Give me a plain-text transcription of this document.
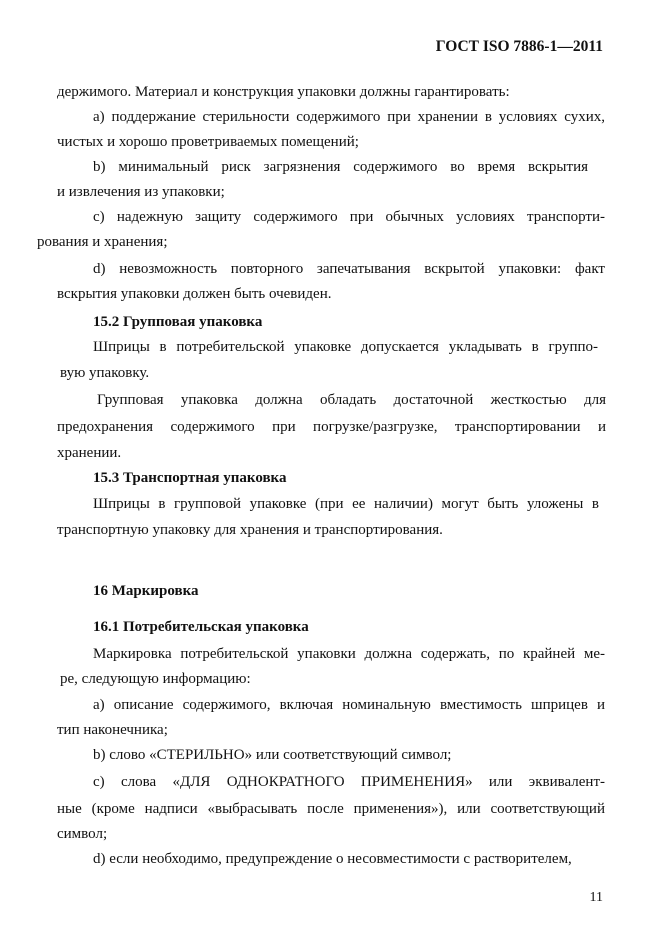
ГОСТ ISO 7886-1—2011
держимого. Материал и конструкция упаковки должны гарантировать:
а) поддержание стерильности содержимого при хранении в условиях сухих,
чистых и хорошо проветриваемых помещений;
b) минимальный риск загрязнения содержимого во время вскрытия
и извлечения из упаковки;
с) надежную защиту содержимого при обычных условиях транспорти-
рования и хранения;
d) невозможность повторного запечатывания вскрытой упаковки: факт
вскрытия упаковки должен быть очевиден.
15.2 Групповая упаковка
Шприцы в потребительской упаковке допускается укладывать в группо-
вую упаковку.
Групповая упаковка должна обладать достаточной жесткостью для
предохранения содержимого при погрузке/разгрузке, транспортировании и
хранении.
15.3 Транспортная упаковка
Шприцы в групповой упаковке (при ее наличии) могут быть уложены в
транспортную упаковку для хранения и транспортирования.
16 Маркировка
16.1 Потребительская упаковка
Маркировка потребительской упаковки должна содержать, по крайней ме-
ре, следующую информацию:
а) описание содержимого, включая номинальную вместимость шприцев и
тип наконечника;
b) слово «СТЕРИЛЬНО» или соответствующий символ;
с) слова «ДЛЯ ОДНОКРАТНОГО ПРИМЕНЕНИЯ» или эквивалент-
ные (кроме надписи «выбрасывать после применения»), или соответствующий
символ;
d) если необходимо, предупреждение о несовместимости с растворителем,
11
